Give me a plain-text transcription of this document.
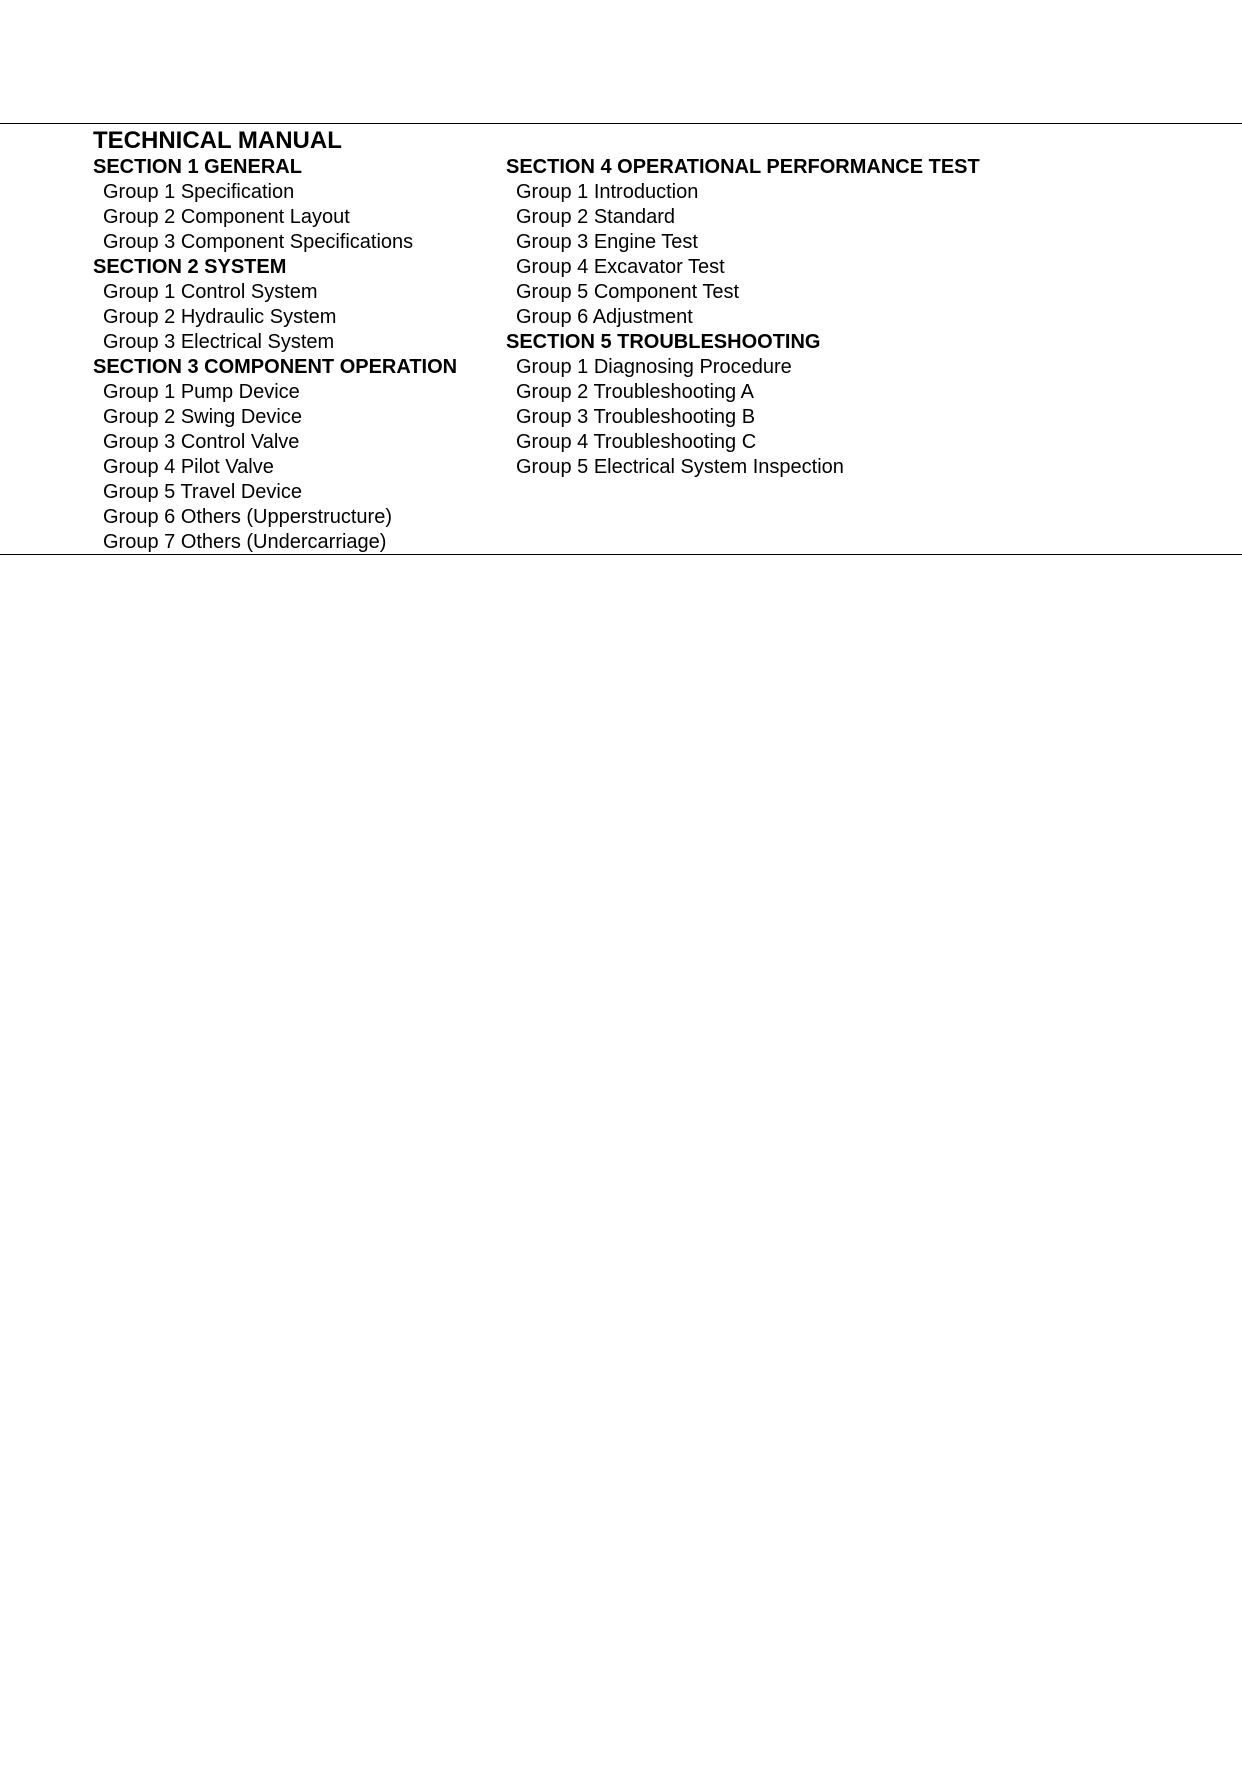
TECHNICAL MANUAL
SECTION 1 GENERAL
Group 1 Specification
Group 2 Component Layout
Group 3 Component Specifications
SECTION 2 SYSTEM
Group 1 Control System
Group 2 Hydraulic System
Group 3 Electrical System
SECTION 3 COMPONENT OPERATION
Group 1 Pump Device
Group 2 Swing Device
Group 3 Control Valve
Group 4 Pilot Valve
Group 5 Travel Device
Group 6 Others (Upperstructure)
Group 7 Others (Undercarriage)
SECTION 4 OPERATIONAL PERFORMANCE TEST
Group 1 Introduction
Group 2 Standard
Group 3 Engine Test
Group 4 Excavator Test
Group 5 Component Test
Group 6 Adjustment
SECTION 5 TROUBLESHOOTING
Group 1 Diagnosing Procedure
Group 2 Troubleshooting A
Group 3 Troubleshooting B
Group 4 Troubleshooting C
Group 5 Electrical System Inspection
